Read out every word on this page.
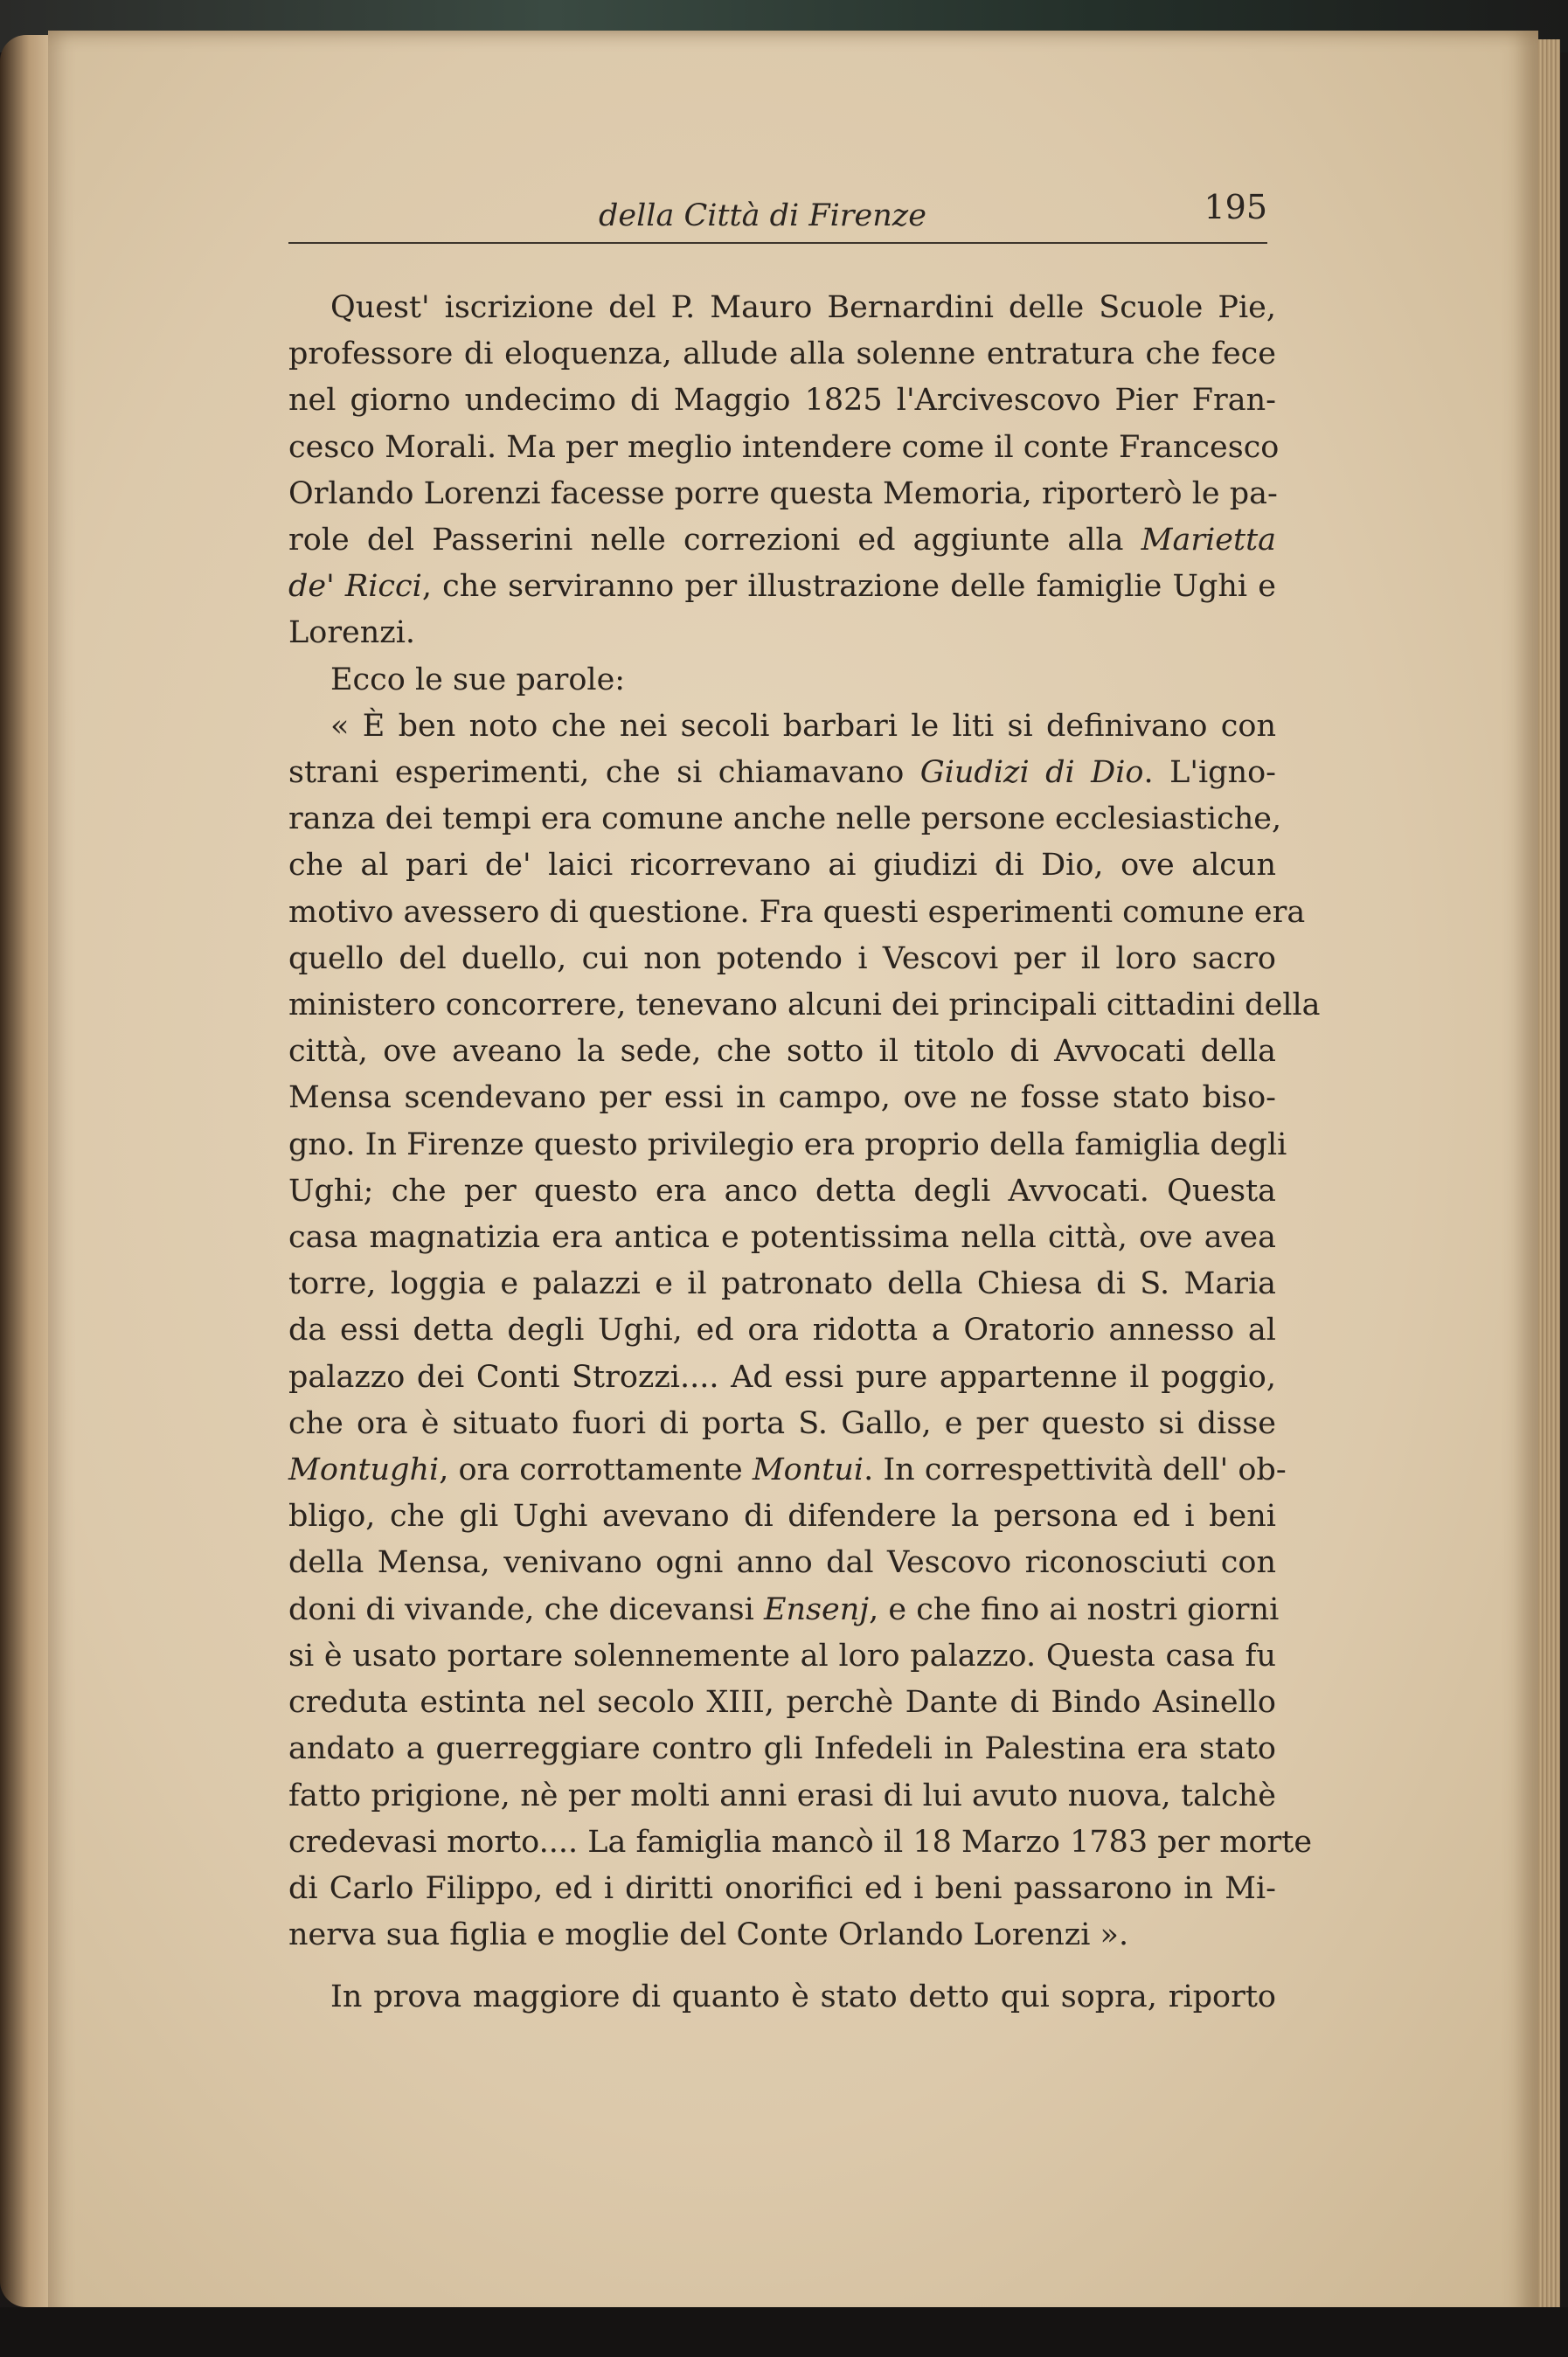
della Città di Firenze	195
Quest' iscrizione del P. Mauro Bernardini delle Scuole Pie,
professore di eloquenza, allude alla solenne entratura che fece
nel giorno undecimo di Maggio 1825 l'Arcivescovo Pier Fran-
cesco Morali. Ma per meglio intendere come il conte Francesco
Orlando Lorenzi facesse porre questa Memoria, riporterò le pa-
role del Passerini nelle correzioni ed aggiunte alla Marietta
de' Ricci, che serviranno per illustrazione delle famiglie Ughi e
Lorenzi.
Ecco le sue parole:
« È ben noto che nei secoli barbari le liti si definivano con
strani esperimenti, che si chiamavano Giudizi di Dio. L'igno-
ranza dei tempi era comune anche nelle persone ecclesiastiche,
che al pari de' laici ricorrevano ai giudizi di Dio, ove alcun
motivo avessero di questione. Fra questi esperimenti comune era
quello del duello, cui non potendo i Vescovi per il loro sacro
ministero concorrere, tenevano alcuni dei principali cittadini della
città, ove aveano la sede, che sotto il titolo di Avvocati della
Mensa scendevano per essi in campo, ove ne fosse stato biso-
gno. In Firenze questo privilegio era proprio della famiglia degli
Ughi; che per questo era anco detta degli Avvocati. Questa
casa magnatizia era antica e potentissima nella città, ove avea
torre, loggia e palazzi e il patronato della Chiesa di S. Maria
da essi detta degli Ughi, ed ora ridotta a Oratorio annesso al
palazzo dei Conti Strozzi.... Ad essi pure appartenne il poggio,
che ora è situato fuori di porta S. Gallo, e per questo si disse
Montughi, ora corrottamente Montui. In correspettività dell' ob-
bligo, che gli Ughi avevano di difendere la persona ed i beni
della Mensa, venivano ogni anno dal Vescovo riconosciuti con
doni di vivande, che dicevansi Ensenj, e che fino ai nostri giorni
si è usato portare solennemente al loro palazzo. Questa casa fu
creduta estinta nel secolo XIII, perchè Dante di Bindo Asinello
andato a guerreggiare contro gli Infedeli in Palestina era stato
fatto prigione, nè per molti anni erasi di lui avuto nuova, talchè
credevasi morto.... La famiglia mancò il 18 Marzo 1783 per morte
di Carlo Filippo, ed i diritti onorifici ed i beni passarono in Mi-
nerva sua figlia e moglie del Conte Orlando Lorenzi ».
In prova maggiore di quanto è stato detto qui sopra, riporto
